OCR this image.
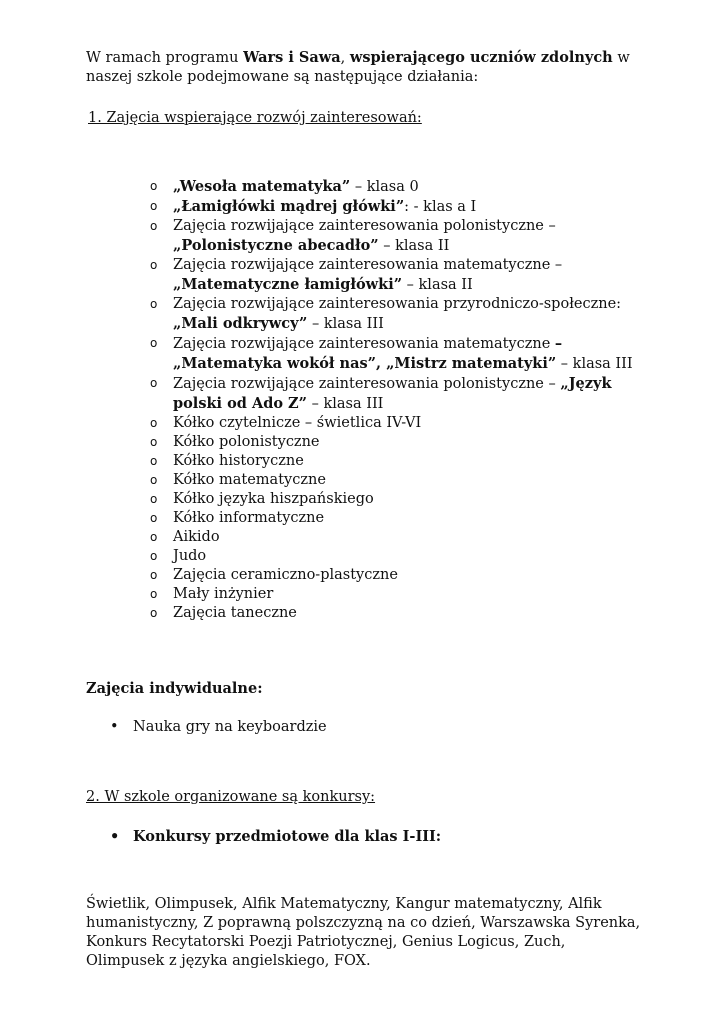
W ramach programu Wars i Sawa, wspierającego uczniów zdolnych w naszej szkole podejmowane są następujące działania:

1. Zajęcia wspierające rozwój zainteresowań:

o „Wesoła matematyka” – klasa 0
o „Łamigłówki mądrej główki”: - klas a I
o Zajęcia rozwijające zainteresowania polonistyczne – „Polonistyczne abecadło” – klasa II
o Zajęcia rozwijające zainteresowania matematyczne – „Matematyczne łamigłówki” – klasa II
o Zajęcia rozwijające zainteresowania przyrodniczo-społeczne: „Mali odkrywcy” – klasa III
o Zajęcia rozwijające zainteresowania matematyczne – „Matematyka wokół nas”, „Mistrz matematyki” – klasa III
o Zajęcia rozwijające zainteresowania polonistyczne – „Język polski od Ado Z” – klasa III
o Kółko czytelnicze – świetlica IV-VI
o Kółko polonistyczne
o Kółko historyczne
o Kółko matematyczne
o Kółko języka hiszpańskiego
o Kółko informatyczne
o Aikido
o Judo
o Zajęcia ceramiczno-plastyczne
o Mały inżynier
o Zajęcia taneczne

Zajęcia indywidualne:

• Nauka gry na keyboardzie

2. W szkole organizowane są konkursy:

• Konkursy przedmiotowe dla klas I-III:

Świetlik, Olimpusek, Alfik Matematyczny, Kangur matematyczny, Alfik humanistyczny, Z poprawną polszczyzną na co dzień, Warszawska Syrenka, Konkurs Recytatorski Poezji Patriotycznej, Genius Logicus, Zuch, Olimpusek z języka angielskiego, FOX.
